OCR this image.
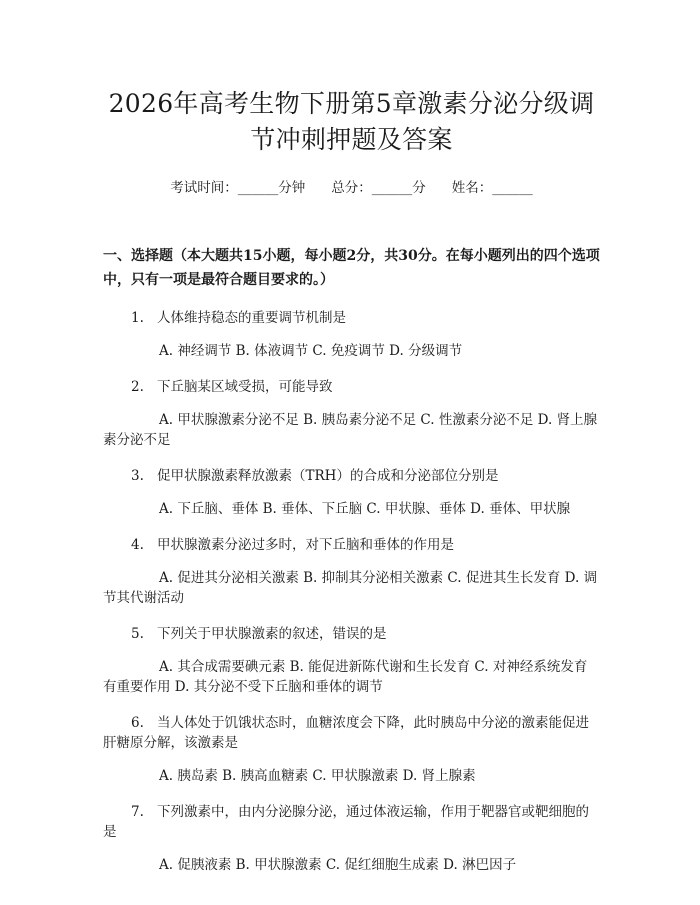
2026年高考生物下册第5章激素分泌分级调节冲刺押题及答案
考试时间：______分钟 总分：______分 姓名：______
一、选择题（本大题共15小题，每小题2分，共30分。在每小题列出的四个选项中，只有一项是最符合题目要求的。）
1. 人体维持稳态的重要调节机制是
A. 神经调节 B. 体液调节 C. 免疫调节 D. 分级调节
2. 下丘脑某区域受损，可能导致
A. 甲状腺激素分泌不足 B. 胰岛素分泌不足 C. 性激素分泌不足 D. 肾上腺素分泌不足
3. 促甲状腺激素释放激素（TRH）的合成和分泌部位分别是
A. 下丘脑、垂体 B. 垂体、下丘脑 C. 甲状腺、垂体 D. 垂体、甲状腺
4. 甲状腺激素分泌过多时，对下丘脑和垂体的作用是
A. 促进其分泌相关激素 B. 抑制其分泌相关激素 C. 促进其生长发育 D. 调节其代谢活动
5. 下列关于甲状腺激素的叙述，错误的是
A. 其合成需要碘元素 B. 能促进新陈代谢和生长发育 C. 对神经系统发育有重要作用 D. 其分泌不受下丘脑和垂体的调节
6. 当人体处于饥饿状态时，血糖浓度会下降，此时胰岛中分泌的激素能促进肝糖原分解，该激素是
A. 胰岛素 B. 胰高血糖素 C. 甲状腺激素 D. 肾上腺素
7. 下列激素中，由内分泌腺分泌，通过体液运输，作用于靶器官或靶细胞的是
A. 促胰液素 B. 甲状腺激素 C. 促红细胞生成素 D. 淋巴因子
